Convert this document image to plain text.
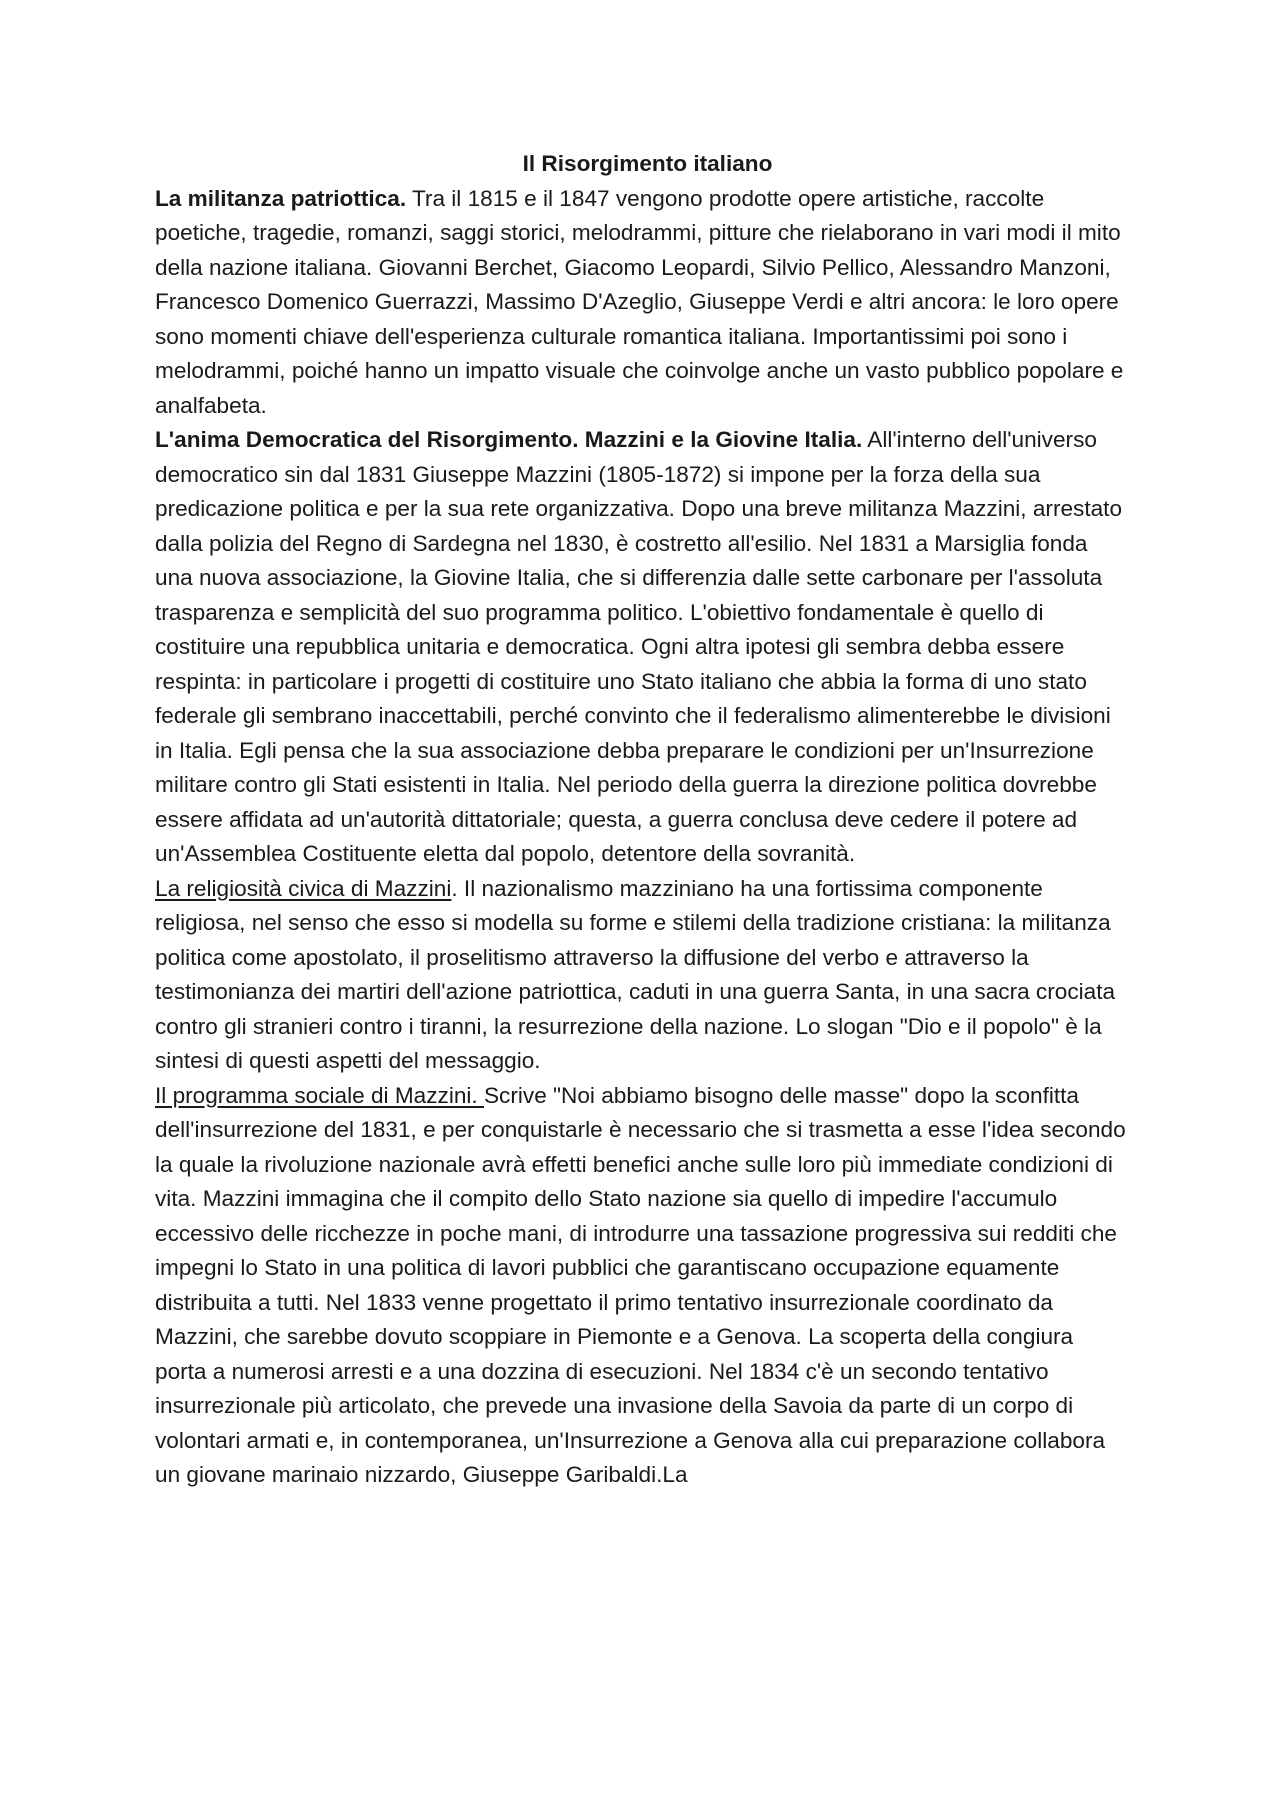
Il Risorgimento italiano

La militanza patriottica. Tra il 1815 e il 1847 vengono prodotte opere artistiche, raccolte poetiche, tragedie, romanzi, saggi storici, melodrammi, pitture che rielaborano in vari modi il mito della nazione italiana. Giovanni Berchet, Giacomo Leopardi, Silvio Pellico, Alessandro Manzoni, Francesco Domenico Guerrazzi, Massimo D'Azeglio, Giuseppe Verdi e altri ancora: le loro opere sono momenti chiave dell'esperienza culturale romantica italiana. Importantissimi poi sono i melodrammi, poiché hanno un impatto visuale che coinvolge anche un vasto pubblico popolare e analfabeta.

L'anima Democratica del Risorgimento. Mazzini e la Giovine Italia. All'interno dell'universo democratico sin dal 1831 Giuseppe Mazzini (1805-1872) si impone per la forza della sua predicazione politica e per la sua rete organizzativa. Dopo una breve militanza Mazzini, arrestato dalla polizia del Regno di Sardegna nel 1830, è costretto all'esilio. Nel 1831 a Marsiglia fonda una nuova associazione, la Giovine Italia, che si differenzia dalle sette carbonare per l'assoluta trasparenza e semplicità del suo programma politico. L'obiettivo fondamentale è quello di costituire una repubblica unitaria e democratica. Ogni altra ipotesi gli sembra debba essere respinta: in particolare i progetti di costituire uno Stato italiano che abbia la forma di uno stato federale gli sembrano inaccettabili, perché convinto che il federalismo alimenterebbe le divisioni in Italia. Egli pensa che la sua associazione debba preparare le condizioni per un'Insurrezione militare contro gli Stati esistenti in Italia. Nel periodo della guerra la direzione politica dovrebbe essere affidata ad un'autorità dittatoriale; questa, a guerra conclusa deve cedere il potere ad un'Assemblea Costituente eletta dal popolo, detentore della sovranità.

La religiosità civica di Mazzini. Il nazionalismo mazziniano ha una fortissima componente religiosa, nel senso che esso si modella su forme e stilemi della tradizione cristiana: la militanza politica come apostolato, il proselitismo attraverso la diffusione del verbo e attraverso la testimonianza dei martiri dell'azione patriottica, caduti in una guerra Santa, in una sacra crociata contro gli stranieri contro i tiranni, la resurrezione della nazione. Lo slogan "Dio e il popolo" è la sintesi di questi aspetti del messaggio.

Il programma sociale di Mazzini. Scrive "Noi abbiamo bisogno delle masse" dopo la sconfitta dell'insurrezione del 1831, e per conquistarle è necessario che si trasmetta a esse l'idea secondo la quale la rivoluzione nazionale avrà effetti benefici anche sulle loro più immediate condizioni di vita. Mazzini immagina che il compito dello Stato nazione sia quello di impedire l'accumulo eccessivo delle ricchezze in poche mani, di introdurre una tassazione progressiva sui redditi che impegni lo Stato in una politica di lavori pubblici che garantiscano occupazione equamente distribuita a tutti. Nel 1833 venne progettato il primo tentativo insurrezionale coordinato da Mazzini, che sarebbe dovuto scoppiare in Piemonte e a Genova. La scoperta della congiura porta a numerosi arresti e a una dozzina di esecuzioni. Nel 1834 c'è un secondo tentativo insurrezionale più articolato, che prevede una invasione della Savoia da parte di un corpo di volontari armati e, in contemporanea, un'Insurrezione a Genova alla cui preparazione collabora un giovane marinaio nizzardo, Giuseppe Garibaldi.La
